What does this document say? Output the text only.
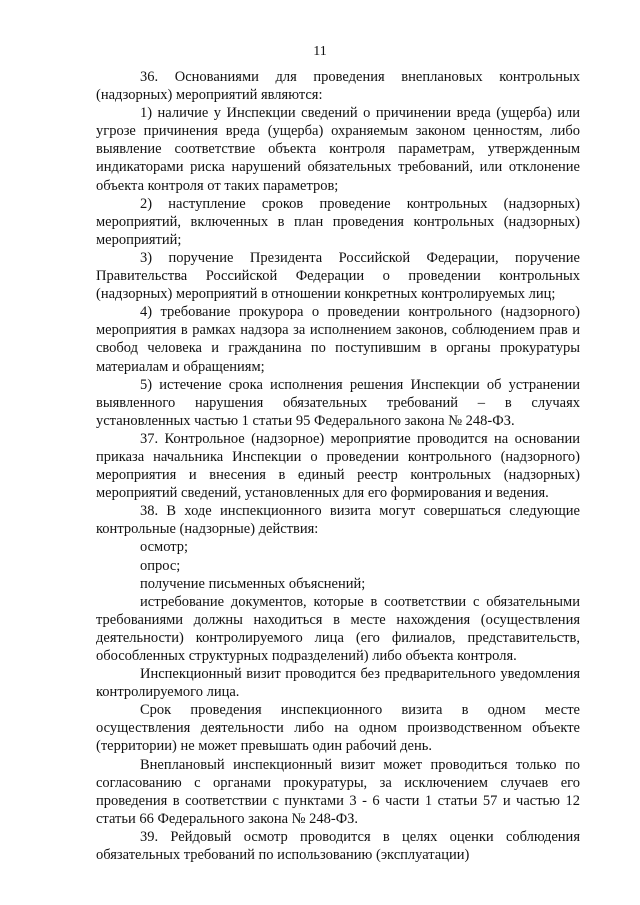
11

36. Основаниями для проведения внеплановых контрольных (надзорных) мероприятий являются:

1) наличие у Инспекции сведений о причинении вреда (ущерба) или угрозе причинения вреда (ущерба) охраняемым законом ценностям, либо выявление соответствие объекта контроля параметрам, утвержденным индикаторами риска нарушений обязательных требований, или отклонение объекта контроля от таких параметров;

2) наступление сроков проведение контрольных (надзорных) мероприятий, включенных в план проведения контрольных (надзорных) мероприятий;

3) поручение Президента Российской Федерации, поручение Правительства Российской Федерации о проведении контрольных (надзорных) мероприятий в отношении конкретных контролируемых лиц;

4) требование прокурора о проведении контрольного (надзорного) мероприятия в рамках надзора за исполнением законов, соблюдением прав и свобод человека и гражданина по поступившим в органы прокуратуры материалам и обращениям;

5) истечение срока исполнения решения Инспекции об устранении выявленного нарушения обязательных требований – в случаях установленных частью 1 статьи 95 Федерального закона № 248-ФЗ.

37. Контрольное (надзорное) мероприятие проводится на основании приказа начальника Инспекции о проведении контрольного (надзорного) мероприятия и внесения в единый реестр контрольных (надзорных) мероприятий сведений, установленных для его формирования и ведения.

38. В ходе инспекционного визита могут совершаться следующие контрольные (надзорные) действия:

осмотр;

опрос;

получение письменных объяснений;

истребование документов, которые в соответствии с обязательными требованиями должны находиться в месте нахождения (осуществления деятельности) контролируемого лица (его филиалов, представительств, обособленных структурных подразделений) либо объекта контроля.

Инспекционный визит проводится без предварительного уведомления контролируемого лица.

Срок проведения инспекционного визита в одном месте осуществления деятельности либо на одном производственном объекте (территории) не может превышать один рабочий день.

Внеплановый инспекционный визит может проводиться только по согласованию с органами прокуратуры, за исключением случаев его проведения в соответствии с пунктами 3 - 6 части 1 статьи 57 и частью 12 статьи 66 Федерального закона № 248-ФЗ.

39. Рейдовый осмотр проводится в целях оценки соблюдения обязательных требований по использованию (эксплуатации)
